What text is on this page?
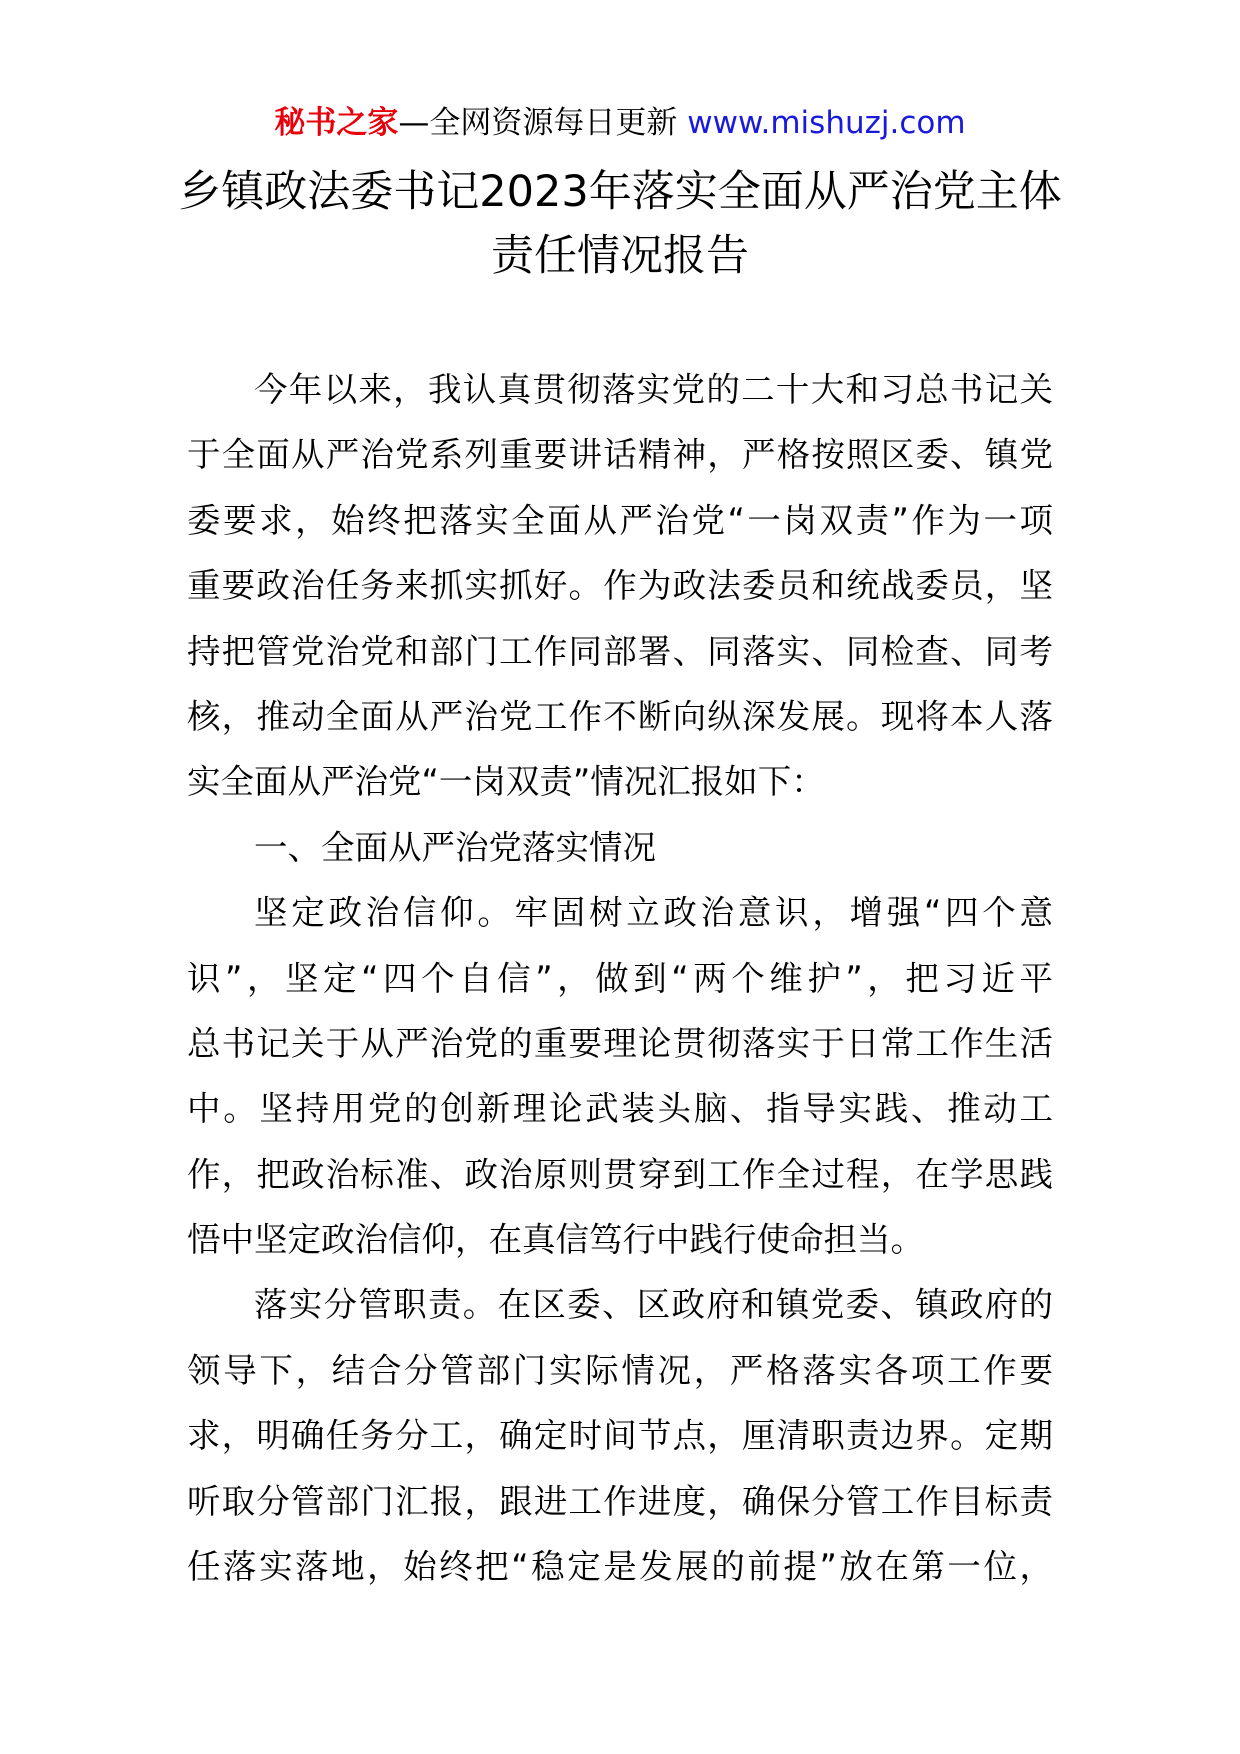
秘书之家—全网资源每日更新 www.mishuzj.com
乡镇政法委书记2023年落实全面从严治党主体
责任情况报告
今年以来，我认真贯彻落实党的二十大和习总书记关
于全面从严治党系列重要讲话精神，严格按照区委、镇党
委要求，始终把落实全面从严治党“一岗双责”作为一项
重要政治任务来抓实抓好。作为政法委员和统战委员，坚
持把管党治党和部门工作同部署、同落实、同检查、同考
核，推动全面从严治党工作不断向纵深发展。现将本人落
实全面从严治党“一岗双责”情况汇报如下：
一、全面从严治党落实情况
坚定政治信仰。牢固树立政治意识，增强“四个意
识”，坚定“四个自信”，做到“两个维护”，把习近平
总书记关于从严治党的重要理论贯彻落实于日常工作生活
中。坚持用党的创新理论武装头脑、指导实践、推动工
作，把政治标准、政治原则贯穿到工作全过程，在学思践
悟中坚定政治信仰，在真信笃行中践行使命担当。
落实分管职责。在区委、区政府和镇党委、镇政府的
领导下，结合分管部门实际情况，严格落实各项工作要
求，明确任务分工，确定时间节点，厘清职责边界。定期
听取分管部门汇报，跟进工作进度，确保分管工作目标责
任落实落地，始终把“稳定是发展的前提”放在第一位，
